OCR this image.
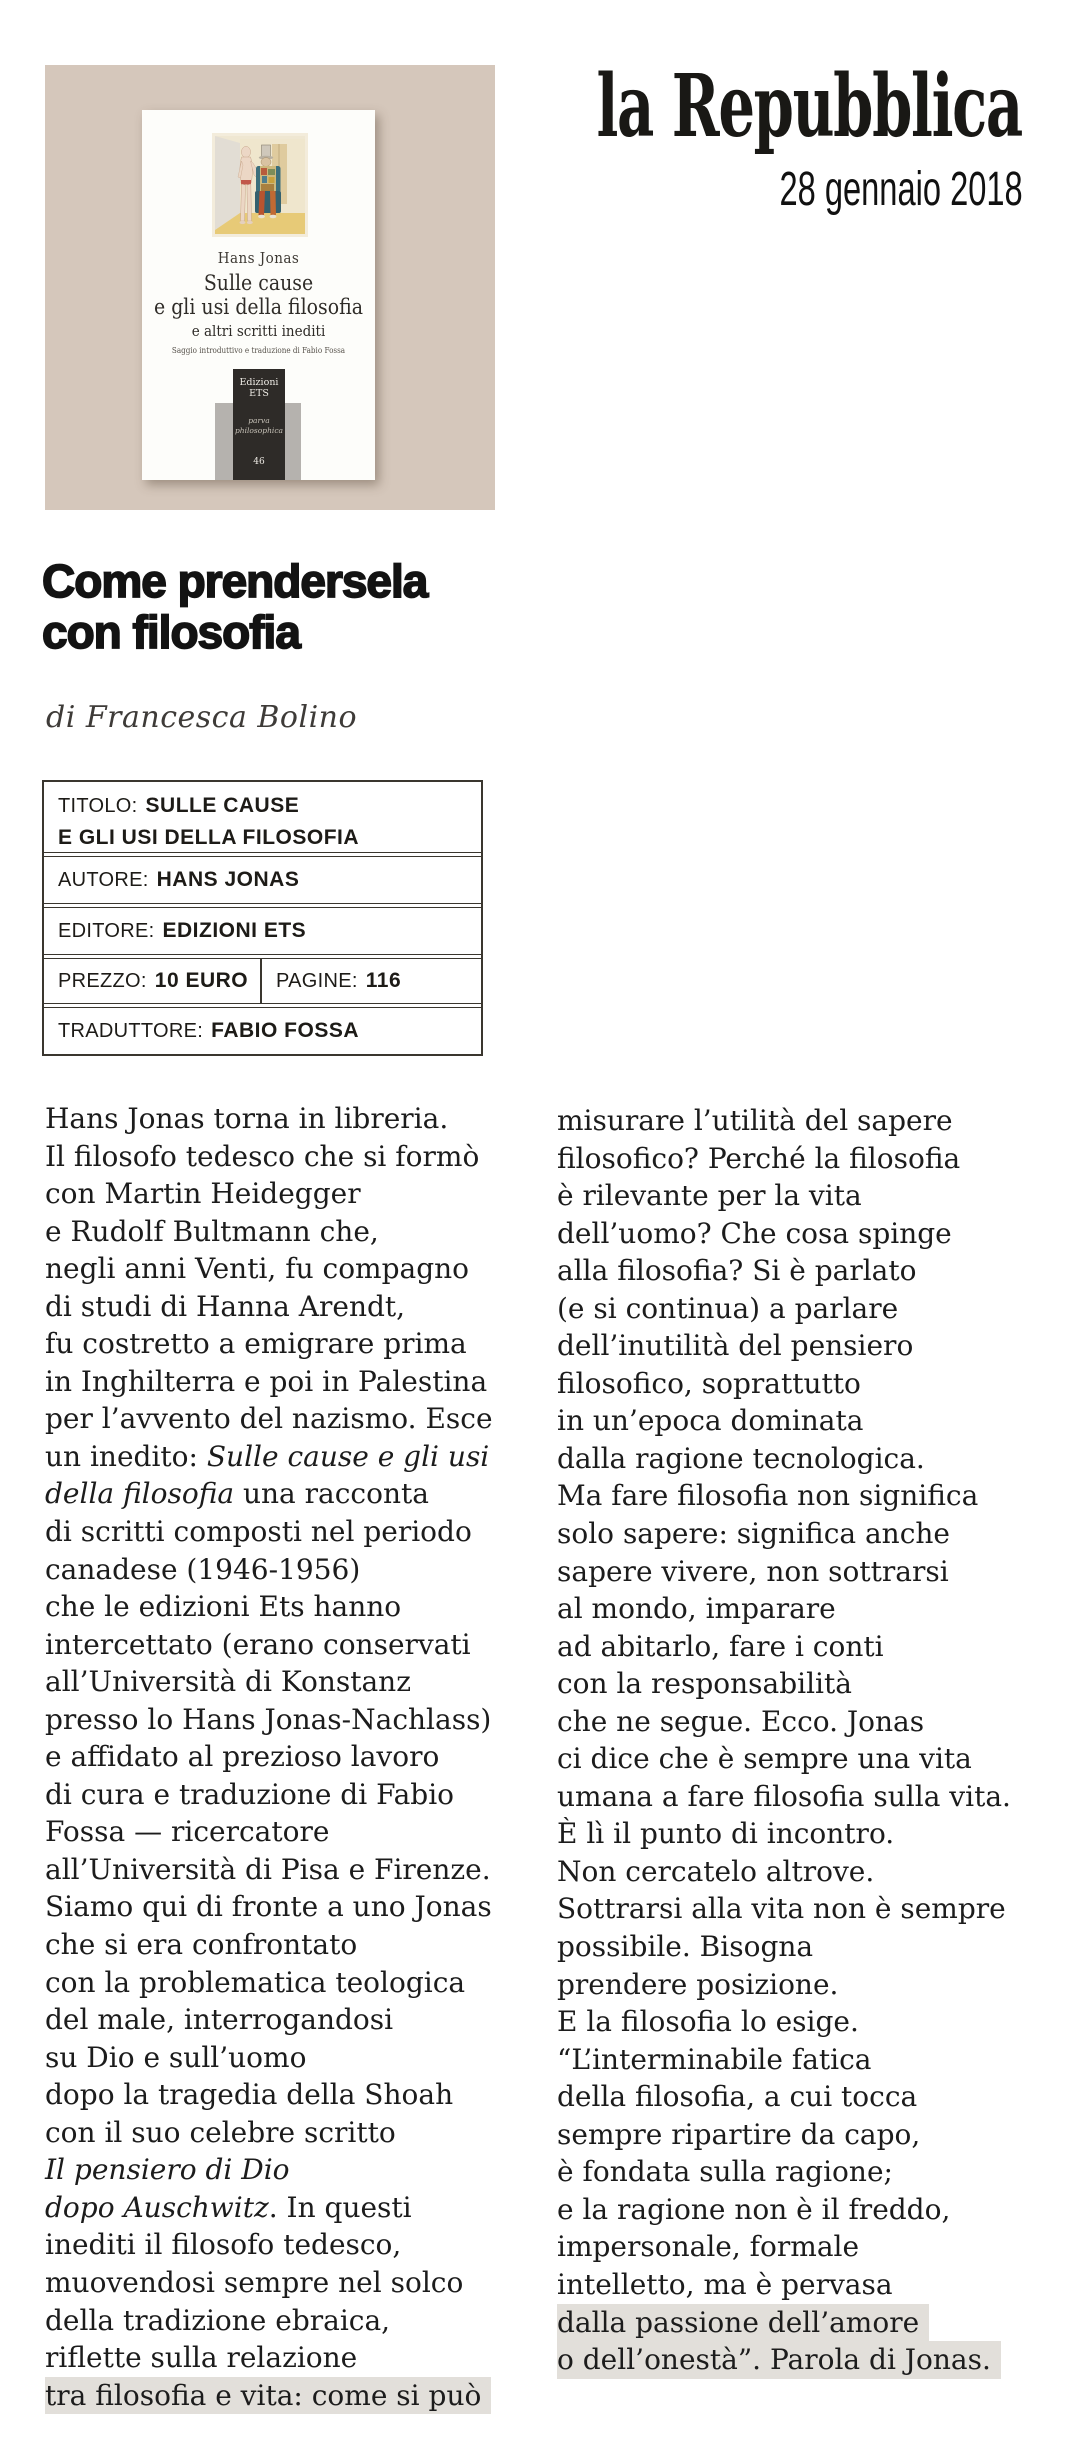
Hans Jonas
Sulle cause
e gli usi della filosofia
e altri scritti inediti
Saggio introduttivo e traduzione di Fabio Fossa
Edizioni ETS
parva
philosophica
46
la Repubblica
28 gennaio 2018
Come prendersela
con filosofia
di Francesca Bolino
TITOLO: SULLE CAUSE
E GLI USI DELLA FILOSOFIA
AUTORE: HANS JONAS
EDITORE: EDIZIONI ETS
PREZZO: 10 EURO PAGINE: 116
TRADUTTORE: FABIO FOSSA
Hans Jonas torna in libreria.
Il filosofo tedesco che si formò
con Martin Heidegger
e Rudolf Bultmann che,
negli anni Venti, fu compagno
di studi di Hanna Arendt,
fu costretto a emigrare prima
in Inghilterra e poi in Palestina
per l’avvento del nazismo. Esce
un inedito: Sulle cause e gli usi
della filosofia una racconta
di scritti composti nel periodo
canadese (1946-1956)
che le edizioni Ets hanno
intercettato (erano conservati
all’Università di Konstanz
presso lo Hans Jonas-Nachlass)
e affidato al prezioso lavoro
di cura e traduzione di Fabio
Fossa — ricercatore
all’Università di Pisa e Firenze.
Siamo qui di fronte a uno Jonas
che si era confrontato
con la problematica teologica
del male, interrogandosi
su Dio e sull’uomo
dopo la tragedia della Shoah
con il suo celebre scritto
Il pensiero di Dio
dopo Auschwitz. In questi
inediti il filosofo tedesco,
muovendosi sempre nel solco
della tradizione ebraica,
riflette sulla relazione
tra filosofia e vita: come si può
misurare l’utilità del sapere
filosofico? Perché la filosofia
è rilevante per la vita
dell’uomo? Che cosa spinge
alla filosofia? Si è parlato
(e si continua) a parlare
dell’inutilità del pensiero
filosofico, soprattutto
in un’epoca dominata
dalla ragione tecnologica.
Ma fare filosofia non significa
solo sapere: significa anche
sapere vivere, non sottrarsi
al mondo, imparare
ad abitarlo, fare i conti
con la responsabilità
che ne segue. Ecco. Jonas
ci dice che è sempre una vita
umana a fare filosofia sulla vita.
È lì il punto di incontro.
Non cercatelo altrove.
Sottrarsi alla vita non è sempre
possibile. Bisogna
prendere posizione.
E la filosofia lo esige.
“L’interminabile fatica
della filosofia, a cui tocca
sempre ripartire da capo,
è fondata sulla ragione;
e la ragione non è il freddo,
impersonale, formale
intelletto, ma è pervasa
dalla passione dell’amore
o dell’onestà”. Parola di Jonas.
